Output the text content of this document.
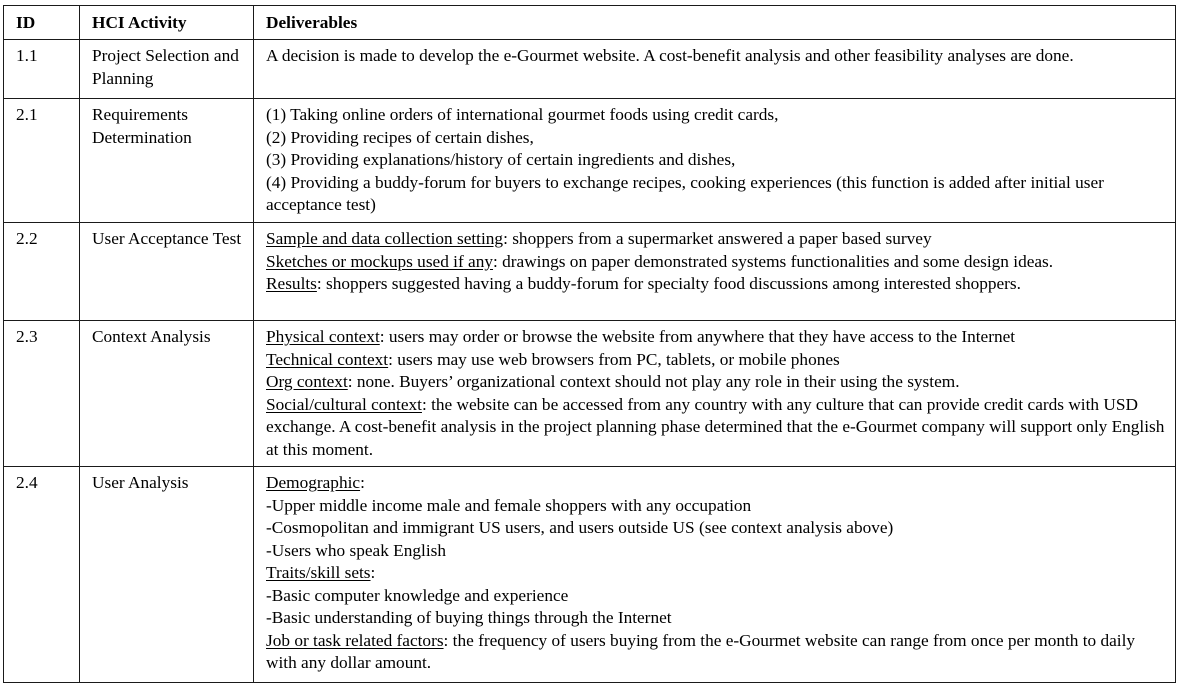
ID	HCI Activity	Deliverables

1.1	Project Selection and Planning	A decision is made to develop the e-Gourmet website. A cost-benefit analysis and other feasibility analyses are done.

2.1	Requirements Determination	(1) Taking online orders of international gourmet foods using credit cards,
(2) Providing recipes of certain dishes,
(3) Providing explanations/history of certain ingredients and dishes,
(4) Providing a buddy-forum for buyers to exchange recipes, cooking experiences (this function is added after initial user acceptance test)

2.2	User Acceptance Test	Sample and data collection setting: shoppers from a supermarket answered a paper based survey
Sketches or mockups used if any: drawings on paper demonstrated systems functionalities and some design ideas.
Results: shoppers suggested having a buddy-forum for specialty food discussions among interested shoppers.

2.3	Context Analysis	Physical context: users may order or browse the website from anywhere that they have access to the Internet
Technical context: users may use web browsers from PC, tablets, or mobile phones
Org context: none. Buyers’ organizational context should not play any role in their using the system.
Social/cultural context: the website can be accessed from any country with any culture that can provide credit cards with USD exchange. A cost-benefit analysis in the project planning phase determined that the e-Gourmet company will support only English at this moment.

2.4	User Analysis	Demographic:
-Upper middle income male and female shoppers with any occupation
-Cosmopolitan and immigrant US users, and users outside US (see context analysis above)
-Users who speak English
Traits/skill sets:
-Basic computer knowledge and experience
-Basic understanding of buying things through the Internet
Job or task related factors: the frequency of users buying from the e-Gourmet website can range from once per month to daily with any dollar amount.
